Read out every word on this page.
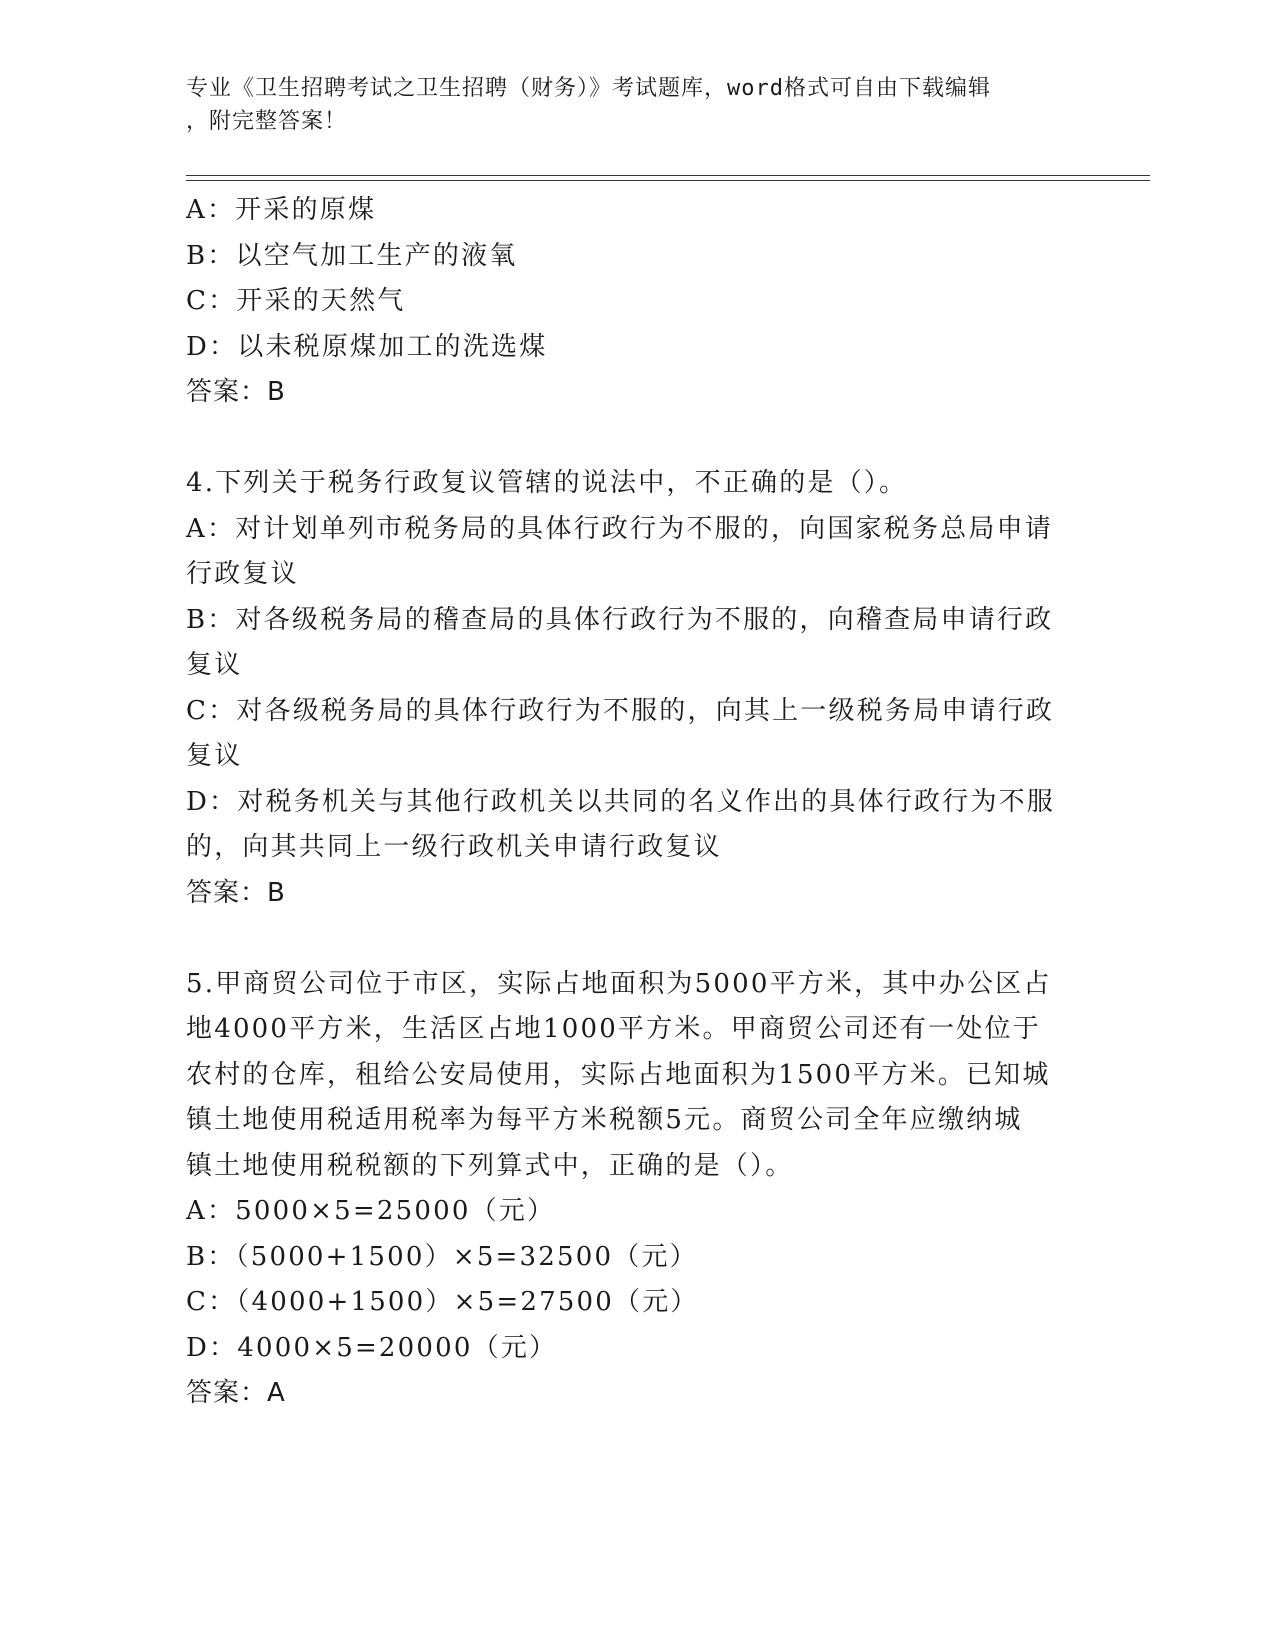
专业《卫生招聘考试之卫生招聘（财务）》考试题库，word格式可自由下载编辑
，附完整答案！
A：开采的原煤
B：以空气加工生产的液氧
C：开采的天然气
D：以未税原煤加工的洗选煤
答案：B
4.下列关于税务行政复议管辖的说法中，不正确的是（）。
A：对计划单列市税务局的具体行政行为不服的，向国家税务总局申请
行政复议
B：对各级税务局的稽查局的具体行政行为不服的，向稽查局申请行政
复议
C：对各级税务局的具体行政行为不服的，向其上一级税务局申请行政
复议
D：对税务机关与其他行政机关以共同的名义作出的具体行政行为不服
的，向其共同上一级行政机关申请行政复议
答案：B
5.甲商贸公司位于市区，实际占地面积为5000平方米，其中办公区占
地4000平方米，生活区占地1000平方米。甲商贸公司还有一处位于
农村的仓库，租给公安局使用，实际占地面积为1500平方米。已知城
镇土地使用税适用税率为每平方米税额5元。商贸公司全年应缴纳城
镇土地使用税税额的下列算式中，正确的是（）。
A：5000×5=25000（元）
B：（5000+1500）×5=32500（元）
C：（4000+1500）×5=27500（元）
D：4000×5=20000（元）
答案：A
